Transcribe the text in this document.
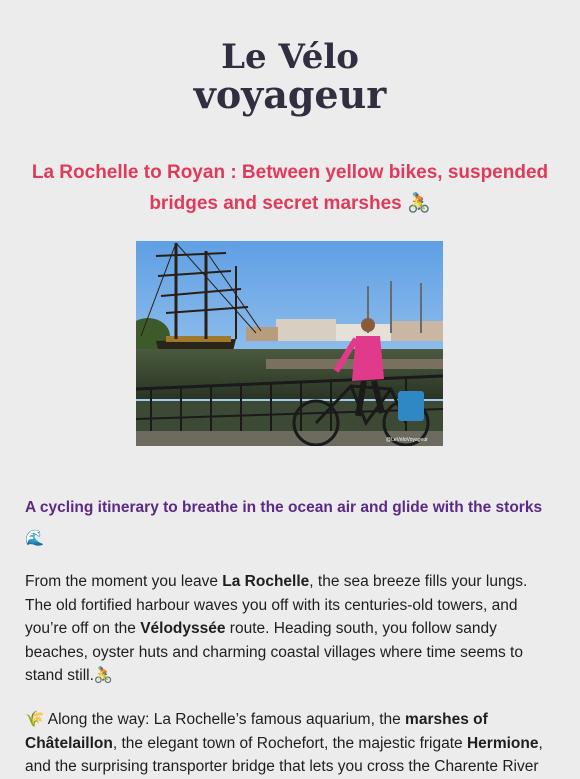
Le Vélo
voyageur
La Rochelle to Royan : Between yellow bikes, suspended bridges and secret marshes 🚴
@LeVéloVoyageur
A cycling itinerary to breathe in the ocean air and glide with the storks
🌊
From the moment you leave La Rochelle, the sea breeze fills your lungs. The old fortified harbour waves you off with its centuries-old towers, and you’re off on the Vélodyssée route. Heading south, you follow sandy beaches, oyster huts and charming coastal villages where time seems to stand still.🚴
🌾 Along the way: La Rochelle’s famous aquarium, the marshes of Châtelaillon, the elegant town of Rochefort, the majestic frigate Hermione, and the surprising transporter bridge that lets you cross the Charente River
